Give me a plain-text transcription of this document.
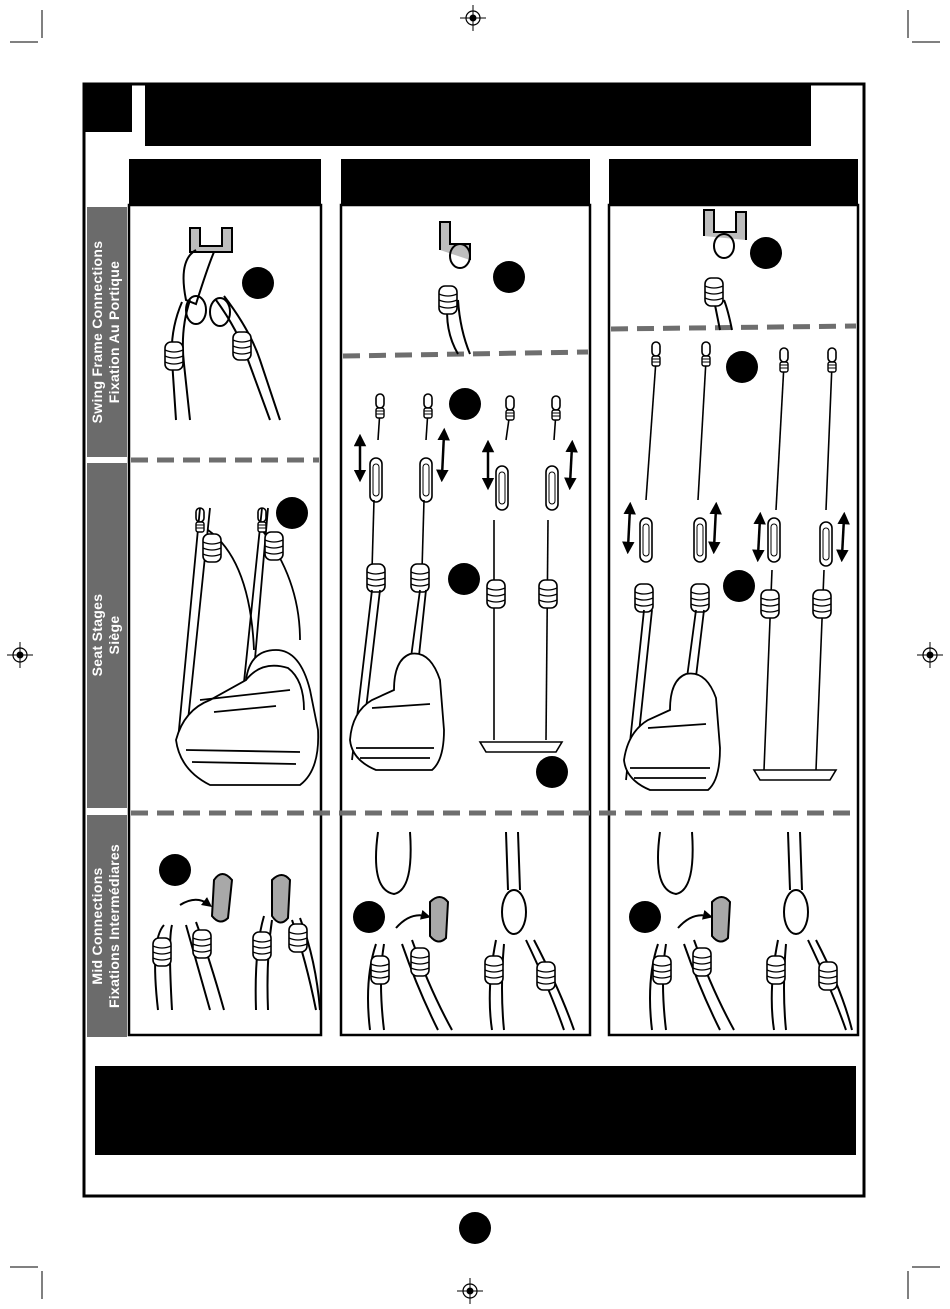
Swing Frame Connections Fixation Au Portique
Seat Stages Siège
Mid Connections Fixations Intermédiares
